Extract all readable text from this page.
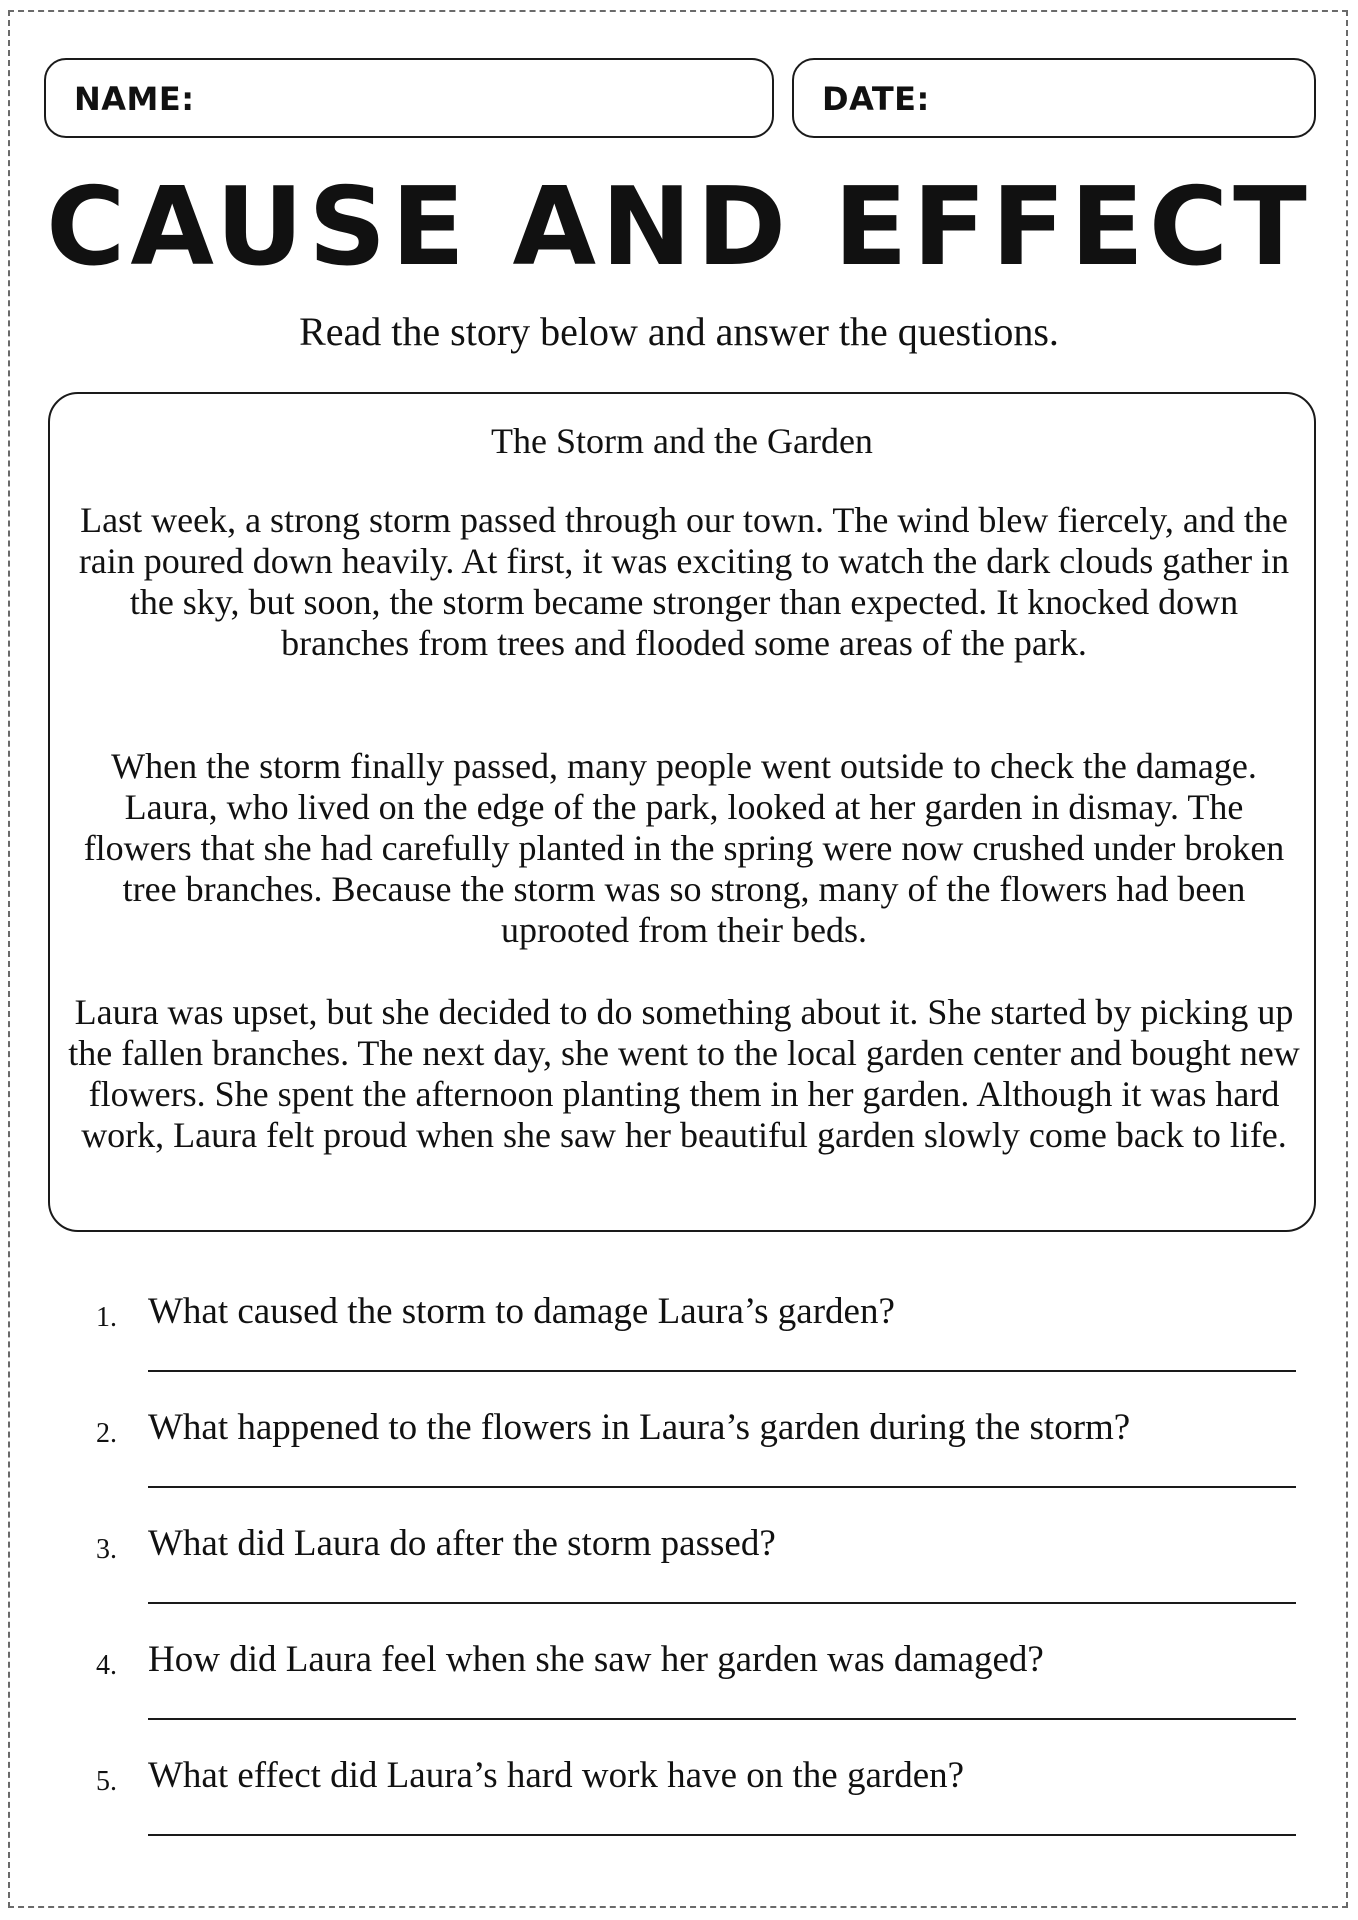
NAME:	DATE:
CAUSE AND EFFECT

Read the story below and answer the questions.

The Storm and the Garden

Last week, a strong storm passed through our town. The wind blew fiercely, and the rain poured down heavily. At first, it was exciting to watch the dark clouds gather in the sky, but soon, the storm became stronger than expected. It knocked down branches from trees and flooded some areas of the park.

When the storm finally passed, many people went outside to check the damage. Laura, who lived on the edge of the park, looked at her garden in dismay. The flowers that she had carefully planted in the spring were now crushed under broken tree branches. Because the storm was so strong, many of the flowers had been uprooted from their beds.

Laura was upset, but she decided to do something about it. She started by picking up the fallen branches. The next day, she went to the local garden center and bought new flowers. She spent the afternoon planting them in her garden. Although it was hard work, Laura felt proud when she saw her beautiful garden slowly come back to life.

1. What caused the storm to damage Laura’s garden?
2. What happened to the flowers in Laura’s garden during the storm?
3. What did Laura do after the storm passed?
4. How did Laura feel when she saw her garden was damaged?
5. What effect did Laura’s hard work have on the garden?
